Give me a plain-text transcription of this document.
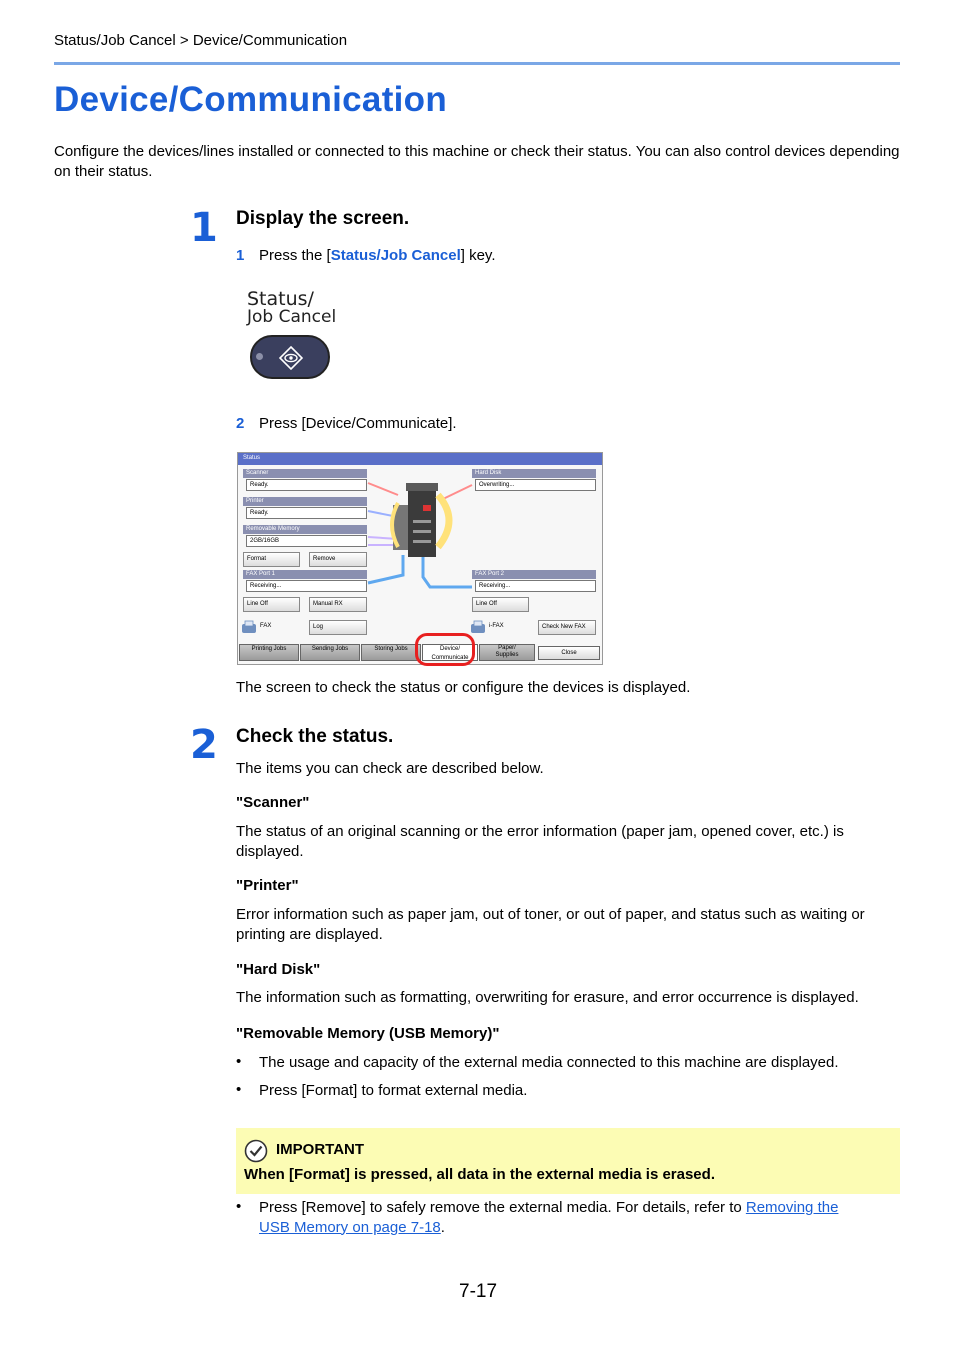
Status/Job Cancel > Device/Communication
Device/Communication
Configure the devices/lines installed or connected to this machine or check their status. You can also control devices depending on their status.
1 Display the screen.
1 Press the [Status/Job Cancel] key.
Status/
Job Cancel
2 Press [Device/Communicate].
Status
Scanner
Ready.
Printer
Ready.
Removable Memory
2GB/16GB
Format	Remove
FAX Port 1
Receiving...
Line Off	Manual RX
FAX	Log
Hard Disk
Overwriting...
FAX Port 2
Receiving...
Line Off
i-FAX	Check New FAX
Printing Jobs	Sending Jobs	Storing Jobs	Device/
Communicate
Paper/
Supplies	Close
The screen to check the status or configure the devices is displayed.
2 Check the status.
The items you can check are described below.
"Scanner"
The status of an original scanning or the error information (paper jam, opened cover, etc.) is displayed.
"Printer"
Error information such as paper jam, out of toner, or out of paper, and status such as waiting or printing are displayed.
"Hard Disk"
The information such as formatting, overwriting for erasure, and error occurrence is displayed.
"Removable Memory (USB Memory)"
• The usage and capacity of the external media connected to this machine are displayed.
• Press [Format] to format external media.
IMPORTANT
When [Format] is pressed, all data in the external media is erased.
• Press [Remove] to safely remove the external media. For details, refer to Removing the
USB Memory on page 7-18.
7-17
